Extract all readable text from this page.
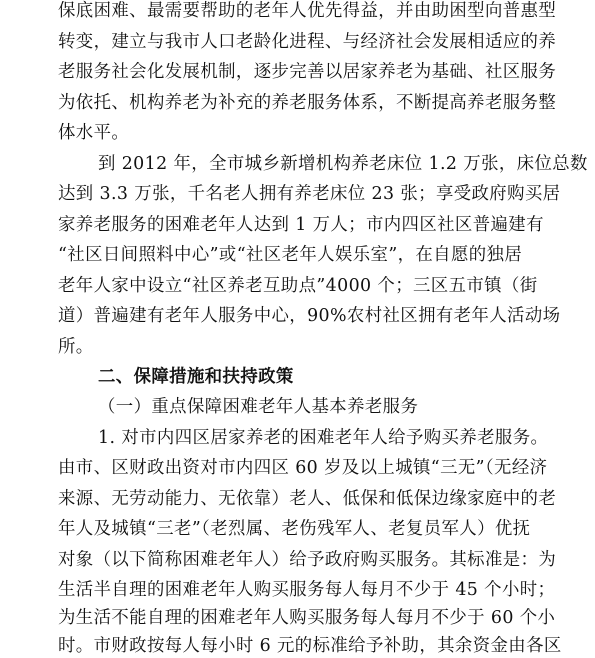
保底困难、最需要帮助的老年人优先得益，并由助困型向普惠型
转变，建立与我市人口老龄化进程、与经济社会发展相适应的养
老服务社会化发展机制，逐步完善以居家养老为基础、社区服务
为依托、机构养老为补充的养老服务体系，不断提高养老服务整
体水平。
到 2012 年，全市城乡新增机构养老床位 1.2 万张，床位总数
达到 3.3 万张，千名老人拥有养老床位 23 张；享受政府购买居
家养老服务的困难老年人达到 1 万人；市内四区社区普遍建有
“社区日间照料中心”或“社区老年人娱乐室”，在自愿的独居
老年人家中设立“社区养老互助点”4000 个；三区五市镇（街
道）普遍建有老年人服务中心，90%农村社区拥有老年人活动场
所。
二、保障措施和扶持政策
（一）重点保障困难老年人基本养老服务
1. 对市内四区居家养老的困难老年人给予购买养老服务。
由市、区财政出资对市内四区 60 岁及以上城镇“三无”（无经济
来源、无劳动能力、无依靠）老人、低保和低保边缘家庭中的老
年人及城镇“三老”（老烈属、老伤残军人、老复员军人）优抚
对象（以下简称困难老年人）给予政府购买服务。其标准是：为
生活半自理的困难老年人购买服务每人每月不少于 45 个小时；
为生活不能自理的困难老年人购买服务每人每月不少于 60 个小
时。市财政按每人每小时 6 元的标准给予补助，其余资金由各区
